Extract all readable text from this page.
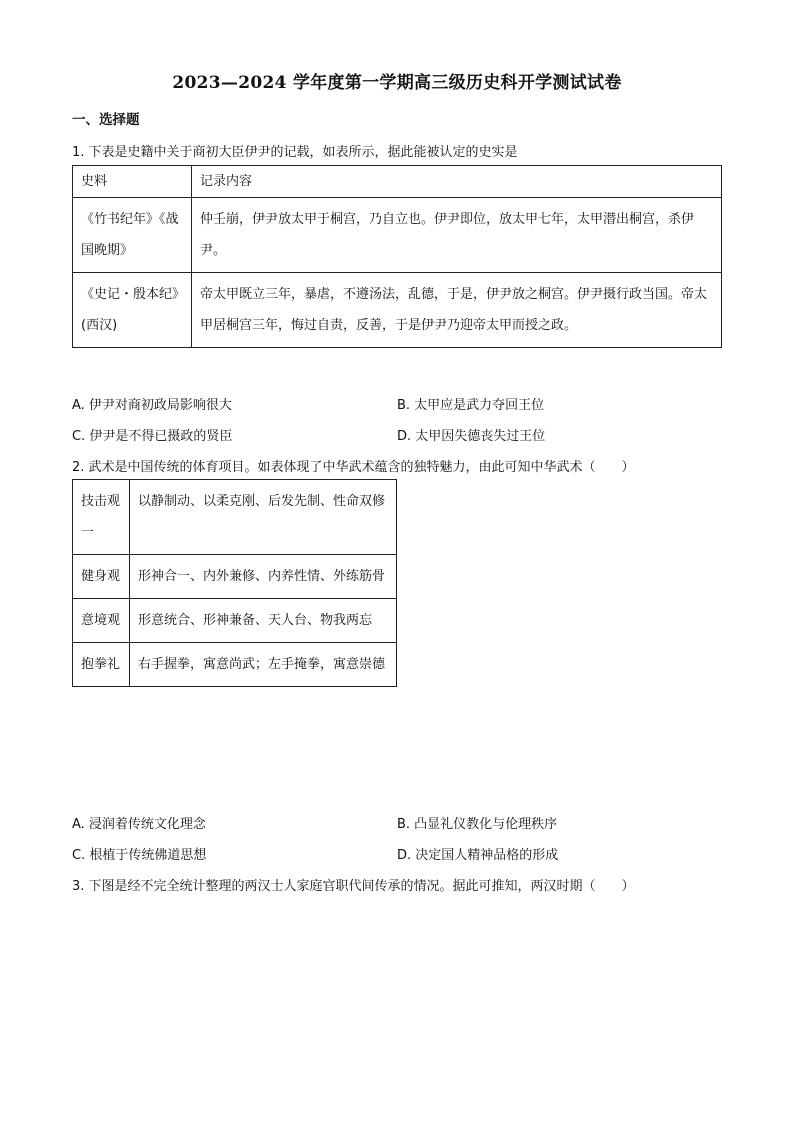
2023—2024 学年度第一学期高三级历史科开学测试试卷
一、选择题
1. 下表是史籍中关于商初大臣伊尹的记载，如表所示，据此能被认定的史实是
史料	记录内容
《竹书纪年》《战国晚期》	仲壬崩，伊尹放太甲于桐宫，乃自立也。伊尹即位，放太甲七年，太甲潜出桐宫，杀伊尹。
《史记・殷本纪》(西汉)	帝太甲既立三年，暴虐，不遵汤法，乱德，于是，伊尹放之桐宫。伊尹摄行政当国。帝太甲居桐宫三年，悔过自责，反善，于是伊尹乃迎帝太甲而授之政。
A. 伊尹对商初政局影响很大	B. 太甲应是武力夺回王位
C. 伊尹是不得已摄政的贤臣	D. 太甲因失德丧失过王位
2. 武术是中国传统的体育项目。如表体现了中华武术蕴含的独特魅力，由此可知中华武术（　　）
技击观一	以静制动、以柔克刚、后发先制、性命双修
健身观	形神合一、内外兼修、内养性情、外练筋骨
意境观	形意统合、形神兼备、天人台、物我两忘
抱拳礼	右手握拳，寓意尚武；左手掩拳，寓意崇德
A. 浸润着传统文化理念	B. 凸显礼仪教化与伦理秩序
C. 根植于传统佛道思想	D. 决定国人精神品格的形成
3. 下图是经不完全统计整理的两汉士人家庭官职代间传承的情况。据此可推知，两汉时期（　　）
